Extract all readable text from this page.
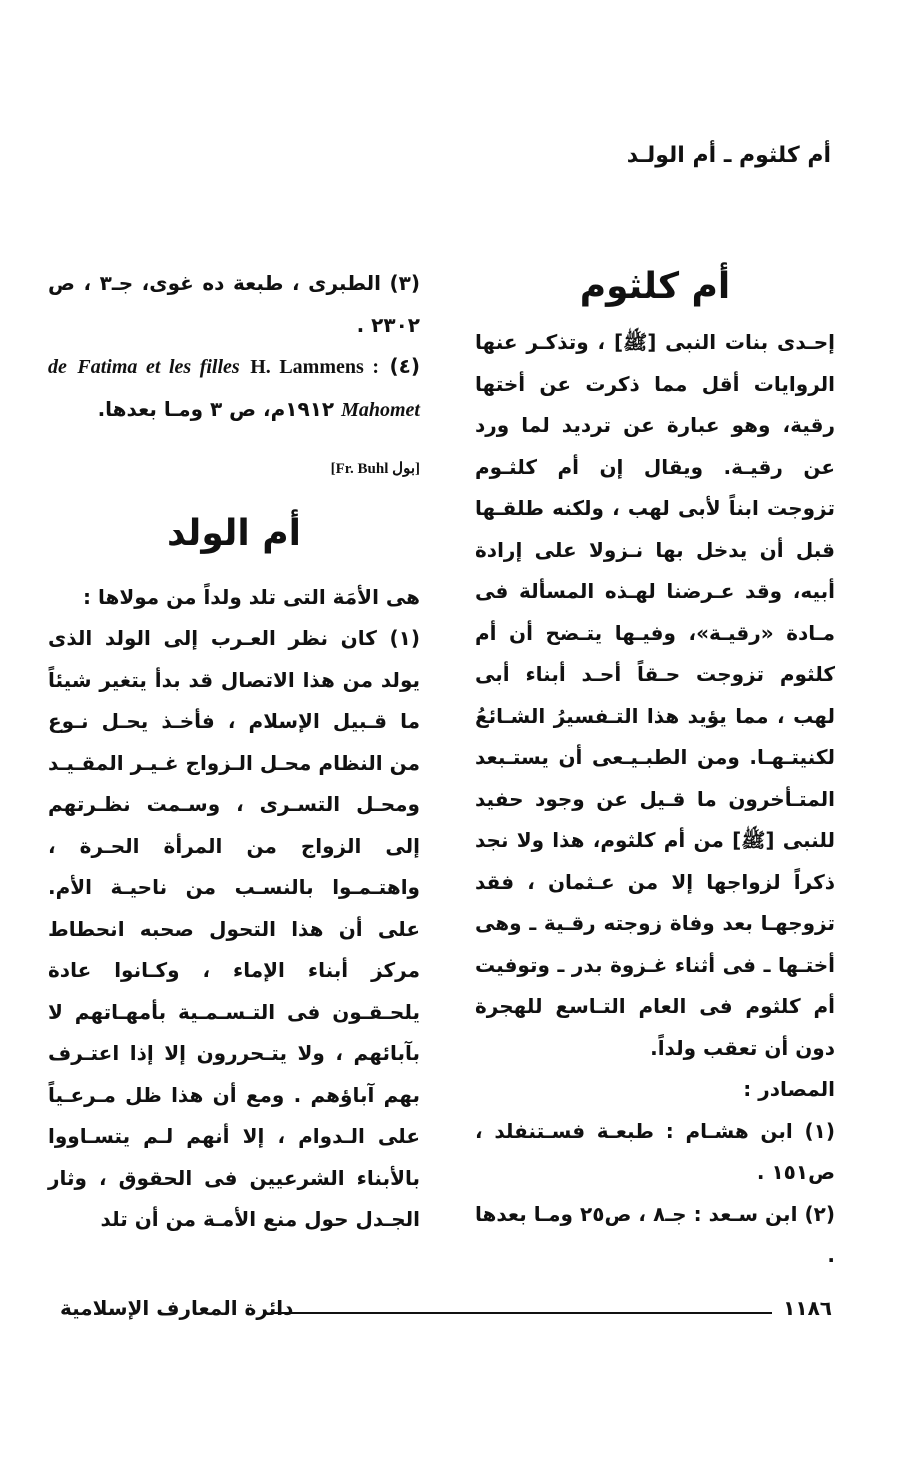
أم كلثوم ـ أم الولـد
أم كلثوم

إحـدى بنات النبى [ﷺ] ، وتذكـر عنها الروايات أقل مما ذكرت عن أختها رقية، وهو عبارة عن ترديد لما ورد عن رقيـة. ويقال إن أم كلثـوم تزوجت ابناً لأبى لهب ، ولكنه طلقـها قبل أن يدخل بها نـزولا على إرادة أبيه، وقد عـرضنا لهـذه المسألة فى مـادة «رقيـة»، وفيـها يتـضح أن أم كلثوم تزوجت حـقاً أحـد أبناء أبى لهب ، مما يؤيد هذا التـفسيرُ الشـائعُ لكنيتـهـا. ومن الطبـيـعى أن يستـبعد المتـأخرون ما قـيل عن وجود حفيد للنبى [ﷺ] من أم كلثوم، هذا ولا نجد ذكراً لزواجها إلا من عـثمان ، فقد تزوجهـا بعد وفاة زوجته رقـية ـ وهى أختـها ـ فى أثناء غـزوة بدر ـ وتوفيت أم كلثوم فى العام التـاسع للهجرة دون أن تعقب ولداً.

المصادر :

(١) ابن هشـام : طبعـة فسـتنفلد ، ص١٥١ .

(٢) ابن سـعد : جـ٨ ، ص٢٥ ومـا بعدها .

(٣) الطبرى ، طبعة ده غوى، جـ٣ ، ص ٢٣٠٢ .

(٤) H. Lammens : Fatima et les filles de Mahomet ١٩١٢م، ص ٣ ومـا بعدها.

[بول Fr. Buhl]
أم الولد

هى الأمَة التى تلد ولداً من مولاها :

(١) كان نظر العـرب إلى الولد الذى يولد من هذا الاتصال قد بدأ يتغير شيئاً ما قـبيل الإسلام ، فأخـذ يحـل نـوع من النظام محـل الـزواج غـيـر المقـيـد ومحـل التسـرى ، وسـمت نظـرتهم إلى الزواج من المرأة الحـرة ، واهتـمـوا بالنسـب من ناحيـة الأم. على أن هذا التحول صحبه انحطاط مركز أبناء الإماء ، وكـانوا عادة يلحـقـون فى التـسـمـية بأمهـاتهم لا بآبائهم ، ولا يتـحررون إلا إذا اعتـرف بهم آباؤهم . ومع أن هذا ظل مـرعـياً على الـدوام ، إلا أنهم لـم يتسـاووا بالأبناء الشرعيين فى الحقوق ، وثار الجـدل حول منع الأمـة من أن تلد

١١٨٦
دائرة المعارف الإسلامية
